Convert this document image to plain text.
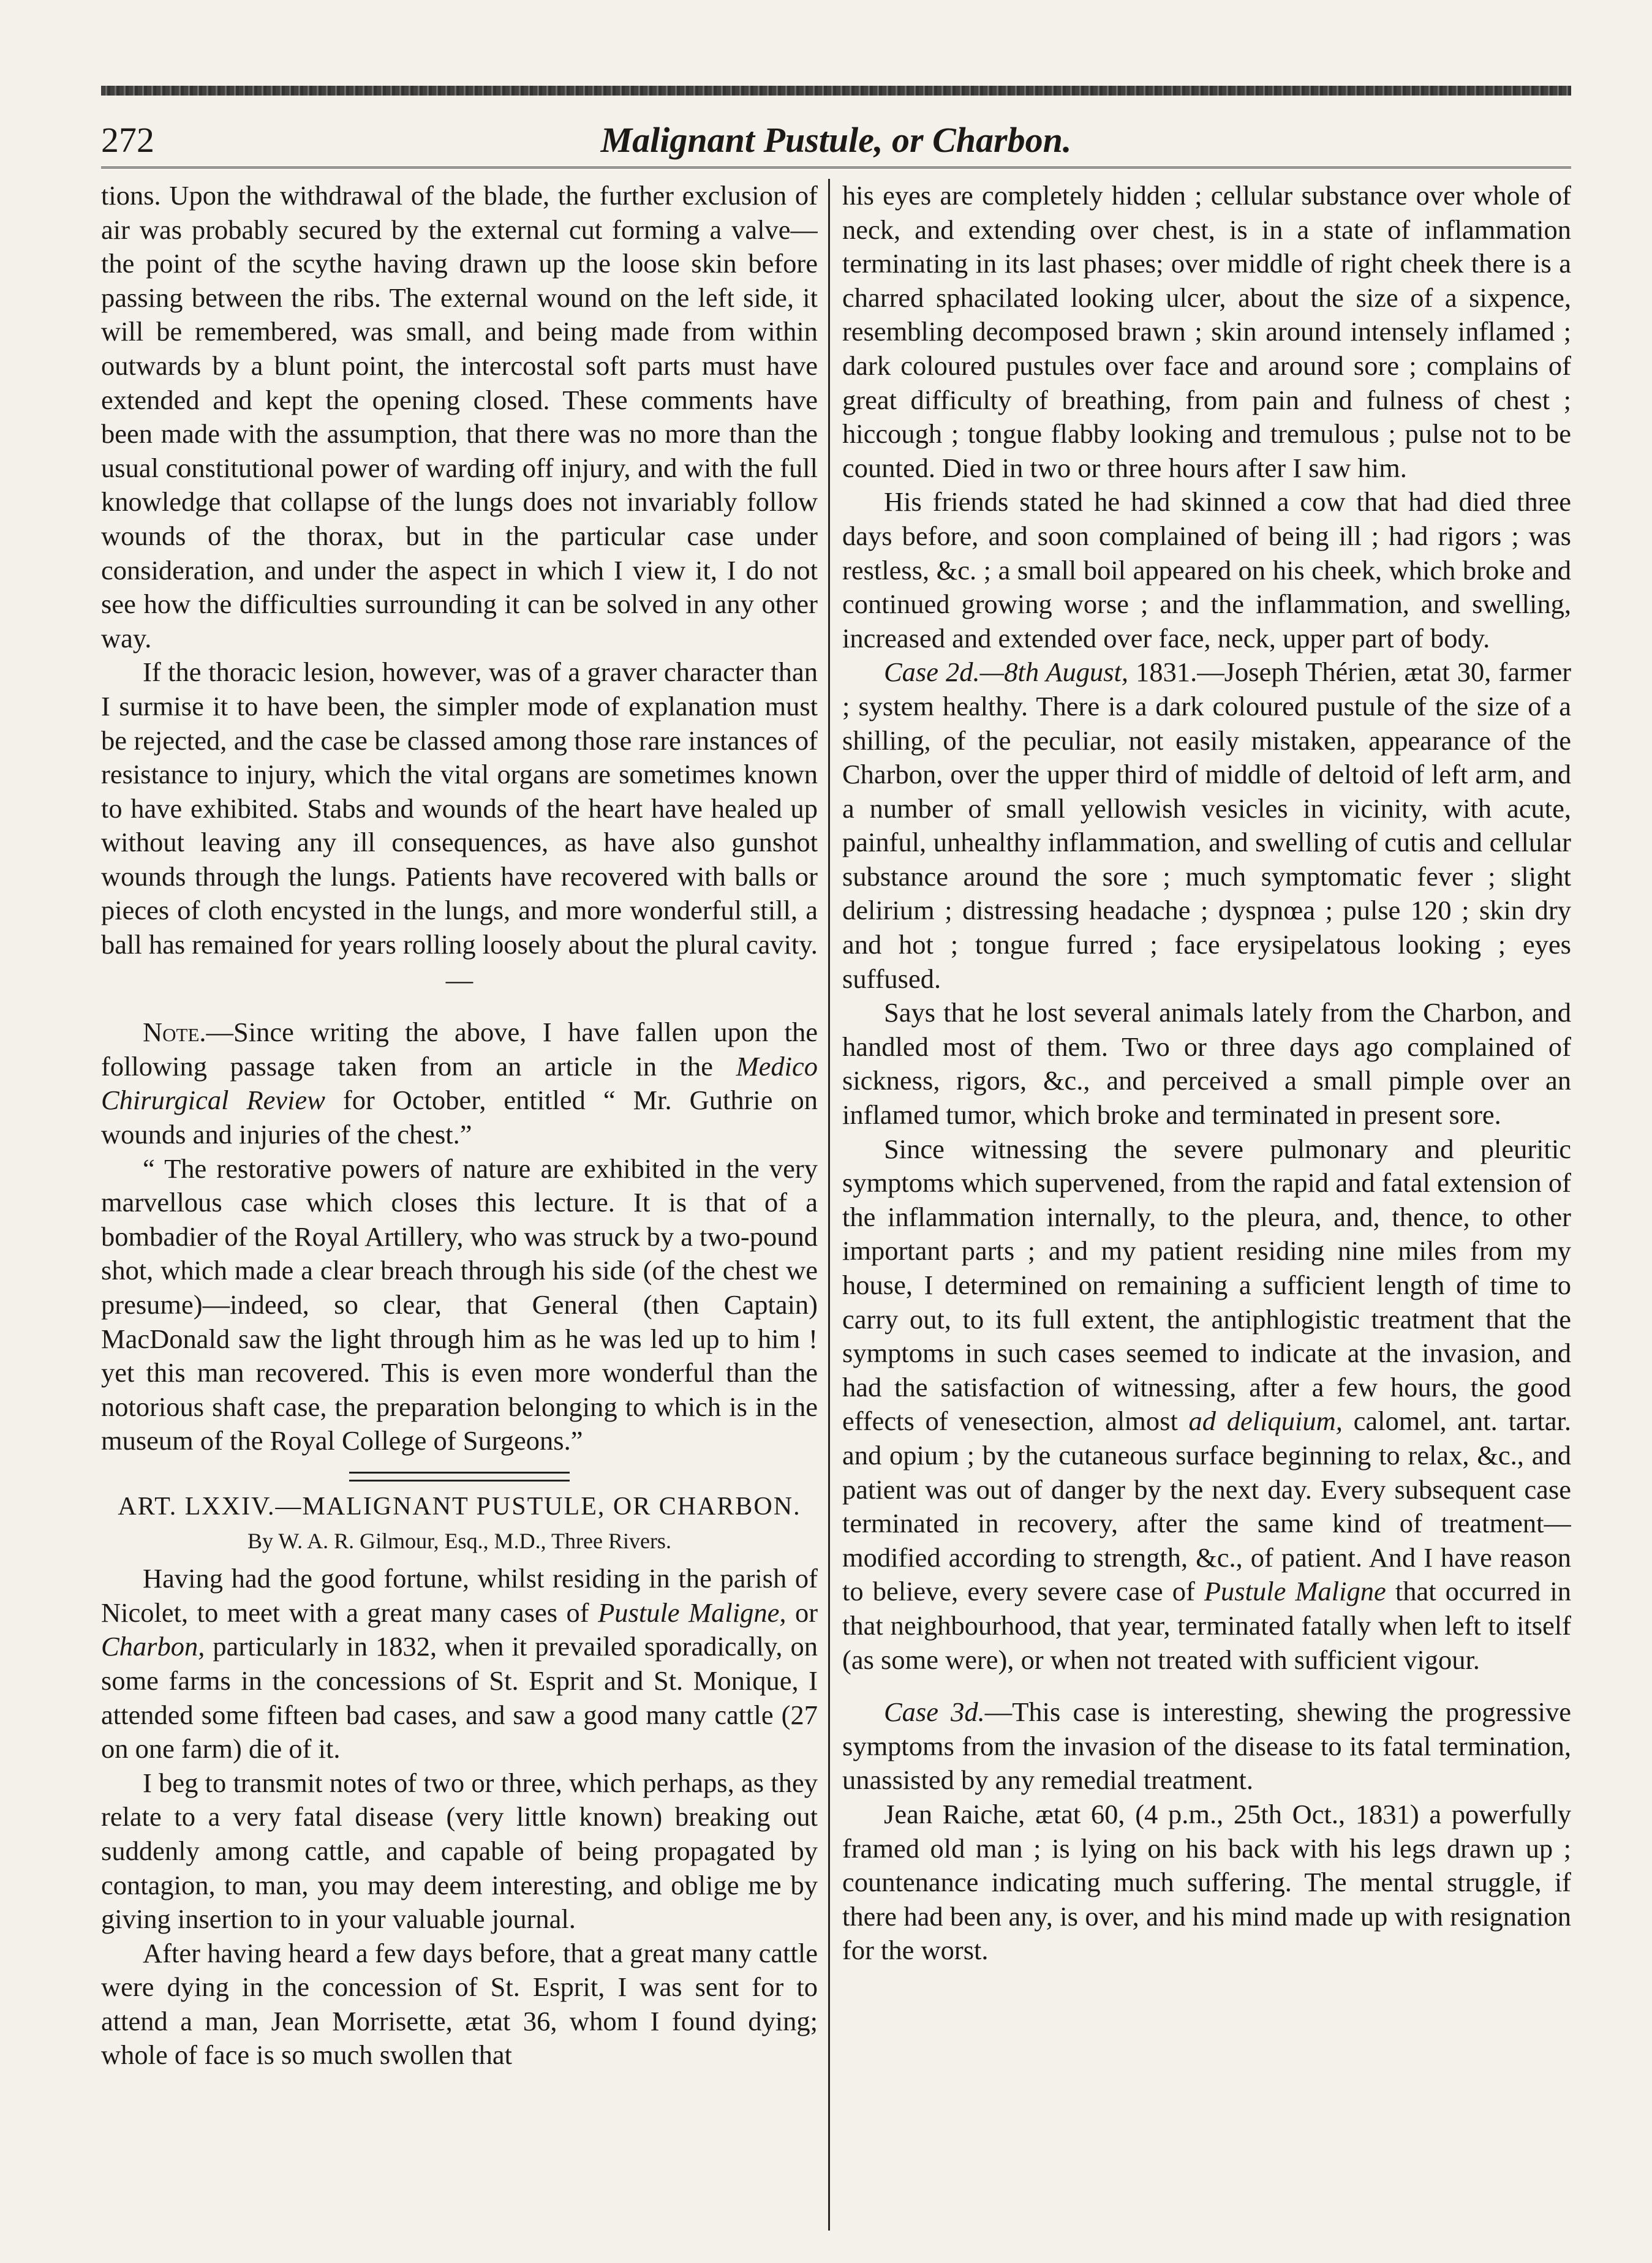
272	Malignant Pustule, or Charbon.

tions. Upon the withdrawal of the blade, the further exclusion of air was probably secured by the external cut forming a valve—the point of the scythe having drawn up the loose skin before passing between the ribs. The external wound on the left side, it will be remembered, was small, and being made from within outwards by a blunt point, the intercostal soft parts must have extended and kept the opening closed. These comments have been made with the assumption, that there was no more than the usual constitutional power of warding off injury, and with the full knowledge that collapse of the lungs does not invariably follow wounds of the thorax, but in the particular case under consideration, and under the aspect in which I view it, I do not see how the difficulties surrounding it can be solved in any other way.

If the thoracic lesion, however, was of a graver character than I surmise it to have been, the simpler mode of explanation must be rejected, and the case be classed among those rare instances of resistance to injury, which the vital organs are sometimes known to have exhibited. Stabs and wounds of the heart have healed up without leaving any ill consequences, as have also gunshot wounds through the lungs. Patients have recovered with balls or pieces of cloth encysted in the lungs, and more wonderful still, a ball has remained for years rolling loosely about the plural cavity.

—

Note.—Since writing the above, I have fallen upon the following passage taken from an article in the Medico Chirurgical Review for October, entitled “ Mr. Guthrie on wounds and injuries of the chest.”

“ The restorative powers of nature are exhibited in the very marvellous case which closes this lecture. It is that of a bombadier of the Royal Artillery, who was struck by a two-pound shot, which made a clear breach through his side (of the chest we presume)—indeed, so clear, that General (then Captain) MacDonald saw the light through him as he was led up to him ! yet this man recovered. This is even more wonderful than the notorious shaft case, the preparation belonging to which is in the museum of the Royal College of Surgeons.”

ART. LXXIV.—MALIGNANT PUSTULE, OR CHARBON.

By W. A. R. Gilmour, Esq., M.D., Three Rivers.

Having had the good fortune, whilst residing in the parish of Nicolet, to meet with a great many cases of Pustule Maligne, or Charbon, particularly in 1832, when it prevailed sporadically, on some farms in the concessions of St. Esprit and St. Monique, I attended some fifteen bad cases, and saw a good many cattle (27 on one farm) die of it.

I beg to transmit notes of two or three, which perhaps, as they relate to a very fatal disease (very little known) breaking out suddenly among cattle, and capable of being propagated by contagion, to man, you may deem interesting, and oblige me by giving insertion to in your valuable journal.

After having heard a few days before, that a great many cattle were dying in the concession of St. Esprit, I was sent for to attend a man, Jean Morrisette, ætat 36, whom I found dying; whole of face is so much swollen that

his eyes are completely hidden ; cellular substance over whole of neck, and extending over chest, is in a state of inflammation terminating in its last phases; over middle of right cheek there is a charred sphacilated looking ulcer, about the size of a sixpence, resembling decomposed brawn ; skin around intensely inflamed ; dark coloured pustules over face and around sore ; complains of great difficulty of breathing, from pain and fulness of chest ; hiccough ; tongue flabby looking and tremulous ; pulse not to be counted. Died in two or three hours after I saw him.

His friends stated he had skinned a cow that had died three days before, and soon complained of being ill ; had rigors ; was restless, &c. ; a small boil appeared on his cheek, which broke and continued growing worse ; and the inflammation, and swelling, increased and extended over face, neck, upper part of body.

Case 2d.—8th August, 1831.—Joseph Thérien, ætat 30, farmer ; system healthy. There is a dark coloured pustule of the size of a shilling, of the peculiar, not easily mistaken, appearance of the Charbon, over the upper third of middle of deltoid of left arm, and a number of small yellowish vesicles in vicinity, with acute, painful, unhealthy inflammation, and swelling of cutis and cellular substance around the sore ; much symptomatic fever ; slight delirium ; distressing headache ; dyspnœa ; pulse 120 ; skin dry and hot ; tongue furred ; face erysipelatous looking ; eyes suffused.

Says that he lost several animals lately from the Charbon, and handled most of them. Two or three days ago complained of sickness, rigors, &c., and perceived a small pimple over an inflamed tumor, which broke and terminated in present sore.

Since witnessing the severe pulmonary and pleuritic symptoms which supervened, from the rapid and fatal extension of the inflammation internally, to the pleura, and, thence, to other important parts ; and my patient residing nine miles from my house, I determined on remaining a sufficient length of time to carry out, to its full extent, the antiphlogistic treatment that the symptoms in such cases seemed to indicate at the invasion, and had the satisfaction of witnessing, after a few hours, the good effects of venesection, almost ad deliquium, calomel, ant. tartar. and opium ; by the cutaneous surface beginning to relax, &c., and patient was out of danger by the next day. Every subsequent case terminated in recovery, after the same kind of treatment—modified according to strength, &c., of patient. And I have reason to believe, every severe case of Pustule Maligne that occurred in that neighbourhood, that year, terminated fatally when left to itself (as some were), or when not treated with sufficient vigour.

Case 3d.—This case is interesting, shewing the progressive symptoms from the invasion of the disease to its fatal termination, unassisted by any remedial treatment.

Jean Raiche, ætat 60, (4 p.m., 25th Oct., 1831) a powerfully framed old man ; is lying on his back with his legs drawn up ; countenance indicating much suffering. The mental struggle, if there had been any, is over, and his mind made up with resignation for the worst.
